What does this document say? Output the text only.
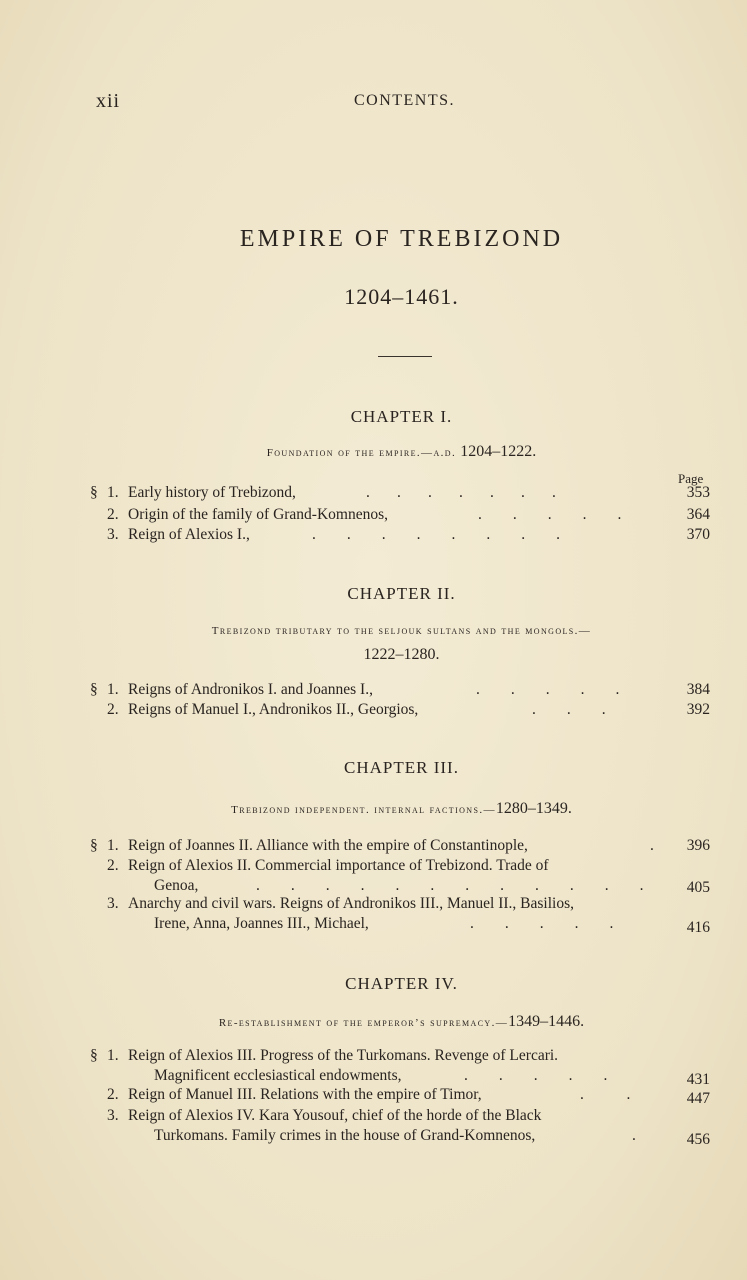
xii	CONTENTS.
EMPIRE OF TREBIZOND
1204–1461.
CHAPTER I.
Foundation of the empire.—a.d. 1204–1222.
Page
§ 1. Early history of Trebizond,	.       .       .       .       .       .       .	353
2. Origin of the family of Grand-Komnenos,	.        .        .        .        .	364
3. Reign of Alexios I.,	.        .        .        .        .        .        .        .	370
CHAPTER II.
Trebizond tributary to the seljouk sultans and the mongols.—
1222–1280.
§ 1. Reigns of Andronikos I. and Joannes I.,	.        .        .        .        .	384
2. Reigns of Manuel I., Andronikos II., Georgios,	.        .        .	392
CHAPTER III.
Trebizond independent. internal factions.—1280–1349.
§ 1. Reign of Joannes II. Alliance with the empire of Constantinople,	.	396
2. Reign of Alexios II. Commercial importance of Trebizond. Trade of
Genoa,	.        .        .        .        .        .        .        .        .        .        .        .	405
3. Anarchy and civil wars. Reigns of Andronikos III., Manuel II., Basilios,
Irene, Anna, Joannes III., Michael,	.        .        .        .        .	416
CHAPTER IV.
Re-establishment of the emperor’s supremacy.—1349–1446.
§ 1. Reign of Alexios III. Progress of the Turkomans. Revenge of Lercari.
Magnificent ecclesiastical endowments,	.        .        .        .        .	431
2. Reign of Manuel III. Relations with the empire of Timor,	.           .	447
3. Reign of Alexios IV. Kara Yousouf, chief of the horde of the Black
Turkomans. Family crimes in the house of Grand-Komnenos,	.	456
